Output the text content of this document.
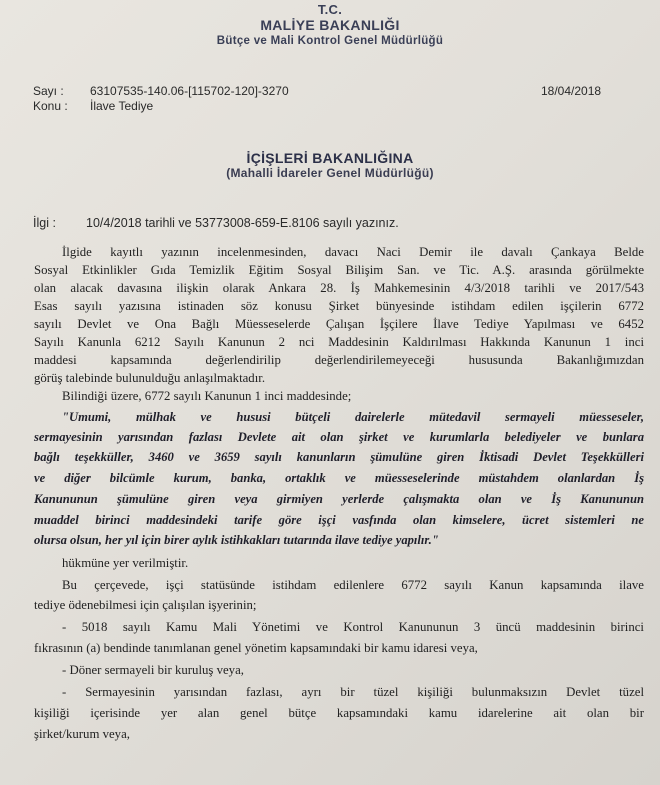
T.C.
MALİYE BAKANLIĞI
Bütçe ve Mali Kontrol Genel Müdürlüğü
Sayı : 63107535-140.06-[115702-120]-3270
Konu : İlave Tediye
18/04/2018
İÇİŞLERİ BAKANLIĞINA
(Mahalli İdareler Genel Müdürlüğü)
İlgi : 10/4/2018 tarihli ve 53773008-659-E.8106 sayılı yazınız.
İlgide kayıtlı yazının incelenmesinden, davacı Naci Demir ile davalı Çankaya Belde
Sosyal Etkinlikler Gıda Temizlik Eğitim Sosyal Bilişim San. ve Tic. A.Ş. arasında görülmekte
olan alacak davasına ilişkin olarak Ankara 28. İş Mahkemesinin 4/3/2018 tarihli ve 2017/543
Esas sayılı yazısına istinaden söz konusu Şirket bünyesinde istihdam edilen işçilerin 6772
sayılı Devlet ve Ona Bağlı Müesseselerde Çalışan İşçilere İlave Tediye Yapılması ve 6452
Sayılı Kanunla 6212 Sayılı Kanunun 2 nci Maddesinin Kaldırılması Hakkında Kanunun 1 inci
maddesi kapsamında değerlendirilip değerlendirilemeyeceği hususunda Bakanlığımızdan
görüş talebinde bulunulduğu anlaşılmaktadır.
Bilindiği üzere, 6772 sayılı Kanunun 1 inci maddesinde;
"Umumi, mülhak ve hususi bütçeli dairelerle mütedavil sermayeli müesseseler,
sermayesinin yarısından fazlası Devlete ait olan şirket ve kurumlarla belediyeler ve bunlara
bağlı teşekküller, 3460 ve 3659 sayılı kanunların şümulüne giren İktisadi Devlet Teşekkülleri
ve diğer bilcümle kurum, banka, ortaklık ve müesseselerinde müstahdem olanlardan İş
Kanununun şümulüne giren veya girmiyen yerlerde çalışmakta olan ve İş Kanununun
muaddel birinci maddesindeki tarife göre işçi vasfında olan kimselere, ücret sistemleri ne
olursa olsun, her yıl için birer aylık istihkakları tutarında ilave tediye yapılır."
hükmüne yer verilmiştir.
Bu çerçevede, işçi statüsünde istihdam edilenlere 6772 sayılı Kanun kapsamında ilave
tediye ödenebilmesi için çalışılan işyerinin;
- 5018 sayılı Kamu Mali Yönetimi ve Kontrol Kanununun 3 üncü maddesinin birinci
fıkrasının (a) bendinde tanımlanan genel yönetim kapsamındaki bir kamu idaresi veya,
- Döner sermayeli bir kuruluş veya,
- Sermayesinin yarısından fazlası, ayrı bir tüzel kişiliği bulunmaksızın Devlet tüzel
kişiliği içerisinde yer alan genel bütçe kapsamındaki kamu idarelerine ait olan bir
şirket/kurum veya,
